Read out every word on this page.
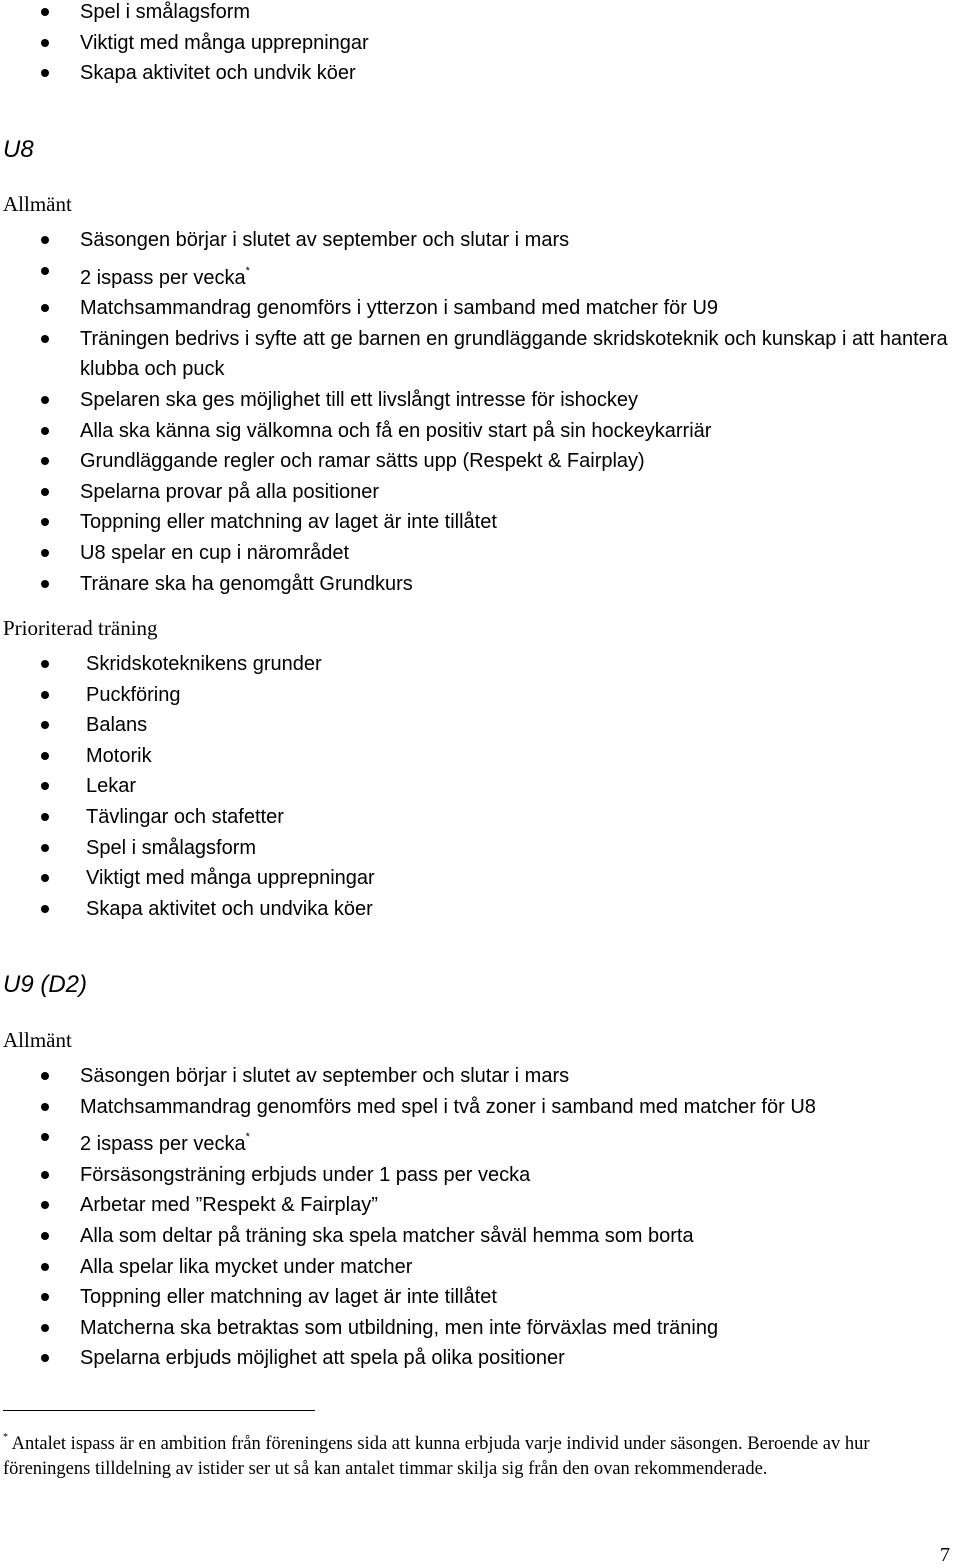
Spel i smålagsform
Viktigt med många upprepningar
Skapa aktivitet och undvik köer
U8
Allmänt
Säsongen börjar i slutet av september och slutar i mars
2 ispass per vecka*
Matchsammandrag genomförs i ytterzon i samband med matcher för U9
Träningen bedrivs i syfte att ge barnen en grundläggande skridskoteknik och kunskap i att hantera klubba och puck
Spelaren ska ges möjlighet till ett livslångt intresse för ishockey
Alla ska känna sig välkomna och få en positiv start på sin hockeykarriär
Grundläggande regler och ramar sätts upp (Respekt & Fairplay)
Spelarna provar på alla positioner
Toppning eller matchning av laget är inte tillåtet
U8 spelar en cup i närområdet
Tränare ska ha genomgått Grundkurs
Prioriterad träning
Skridskoteknikens grunder
Puckföring
Balans
Motorik
Lekar
Tävlingar och stafetter
Spel i smålagsform
Viktigt med många upprepningar
Skapa aktivitet och undvika köer
U9 (D2)
Allmänt
Säsongen börjar i slutet av september och slutar i mars
Matchsammandrag genomförs med spel i två zoner i samband med matcher för U8
2 ispass per vecka*
Försäsongsträning erbjuds under 1 pass per vecka
Arbetar med ”Respekt & Fairplay”
Alla som deltar på träning ska spela matcher såväl hemma som borta
Alla spelar lika mycket under matcher
Toppning eller matchning av laget är inte tillåtet
Matcherna ska betraktas som utbildning, men inte förväxlas med träning
Spelarna erbjuds möjlighet att spela på olika positioner
* Antalet ispass är en ambition från föreningens sida att kunna erbjuda varje individ under säsongen. Beroende av hur föreningens tilldelning av istider ser ut så kan antalet timmar skilja sig från den ovan rekommenderade.
7
